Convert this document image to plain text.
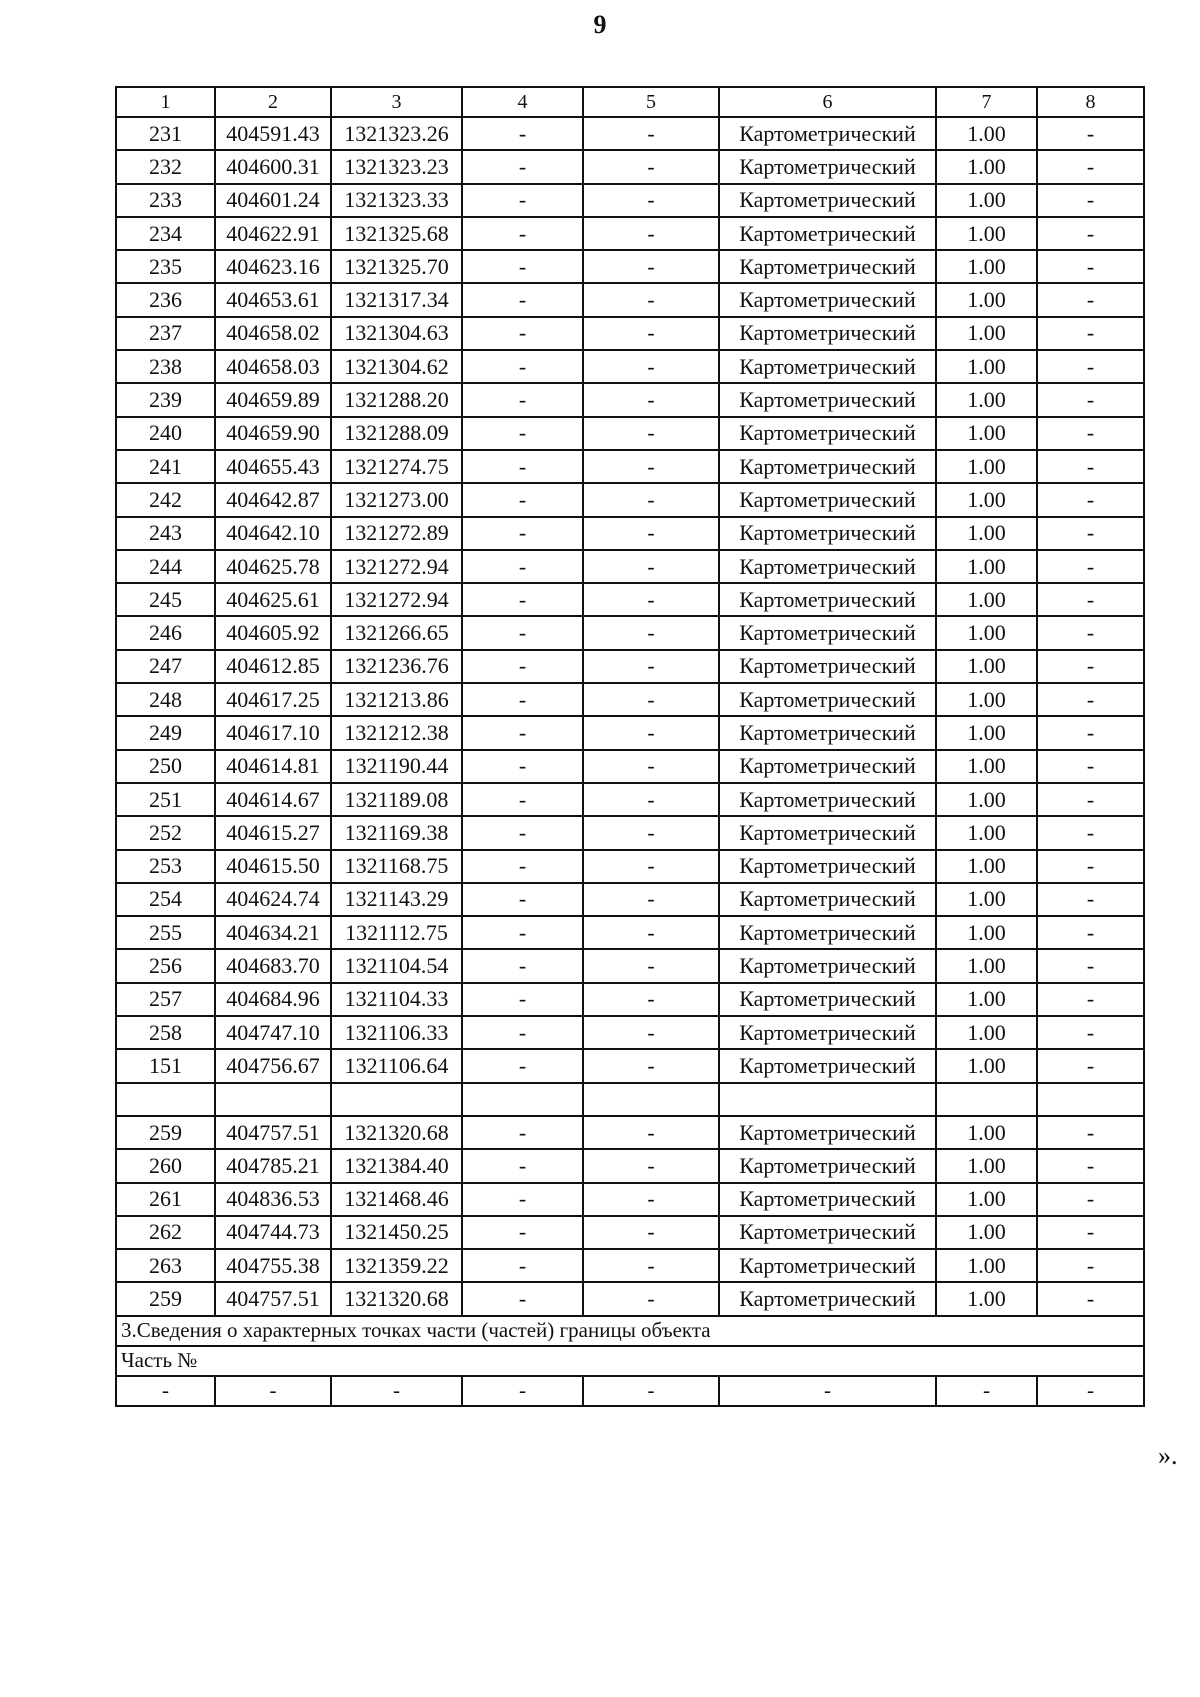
9
1	2	3	4	5	6	7	8
231	404591.43	1321323.26	-	-	Картометрический	1.00	-
232	404600.31	1321323.23	-	-	Картометрический	1.00	-
233	404601.24	1321323.33	-	-	Картометрический	1.00	-
234	404622.91	1321325.68	-	-	Картометрический	1.00	-
235	404623.16	1321325.70	-	-	Картометрический	1.00	-
236	404653.61	1321317.34	-	-	Картометрический	1.00	-
237	404658.02	1321304.63	-	-	Картометрический	1.00	-
238	404658.03	1321304.62	-	-	Картометрический	1.00	-
239	404659.89	1321288.20	-	-	Картометрический	1.00	-
240	404659.90	1321288.09	-	-	Картометрический	1.00	-
241	404655.43	1321274.75	-	-	Картометрический	1.00	-
242	404642.87	1321273.00	-	-	Картометрический	1.00	-
243	404642.10	1321272.89	-	-	Картометрический	1.00	-
244	404625.78	1321272.94	-	-	Картометрический	1.00	-
245	404625.61	1321272.94	-	-	Картометрический	1.00	-
246	404605.92	1321266.65	-	-	Картометрический	1.00	-
247	404612.85	1321236.76	-	-	Картометрический	1.00	-
248	404617.25	1321213.86	-	-	Картометрический	1.00	-
249	404617.10	1321212.38	-	-	Картометрический	1.00	-
250	404614.81	1321190.44	-	-	Картометрический	1.00	-
251	404614.67	1321189.08	-	-	Картометрический	1.00	-
252	404615.27	1321169.38	-	-	Картометрический	1.00	-
253	404615.50	1321168.75	-	-	Картометрический	1.00	-
254	404624.74	1321143.29	-	-	Картометрический	1.00	-
255	404634.21	1321112.75	-	-	Картометрический	1.00	-
256	404683.70	1321104.54	-	-	Картометрический	1.00	-
257	404684.96	1321104.33	-	-	Картометрический	1.00	-
258	404747.10	1321106.33	-	-	Картометрический	1.00	-
151	404756.67	1321106.64	-	-	Картометрический	1.00	-

259	404757.51	1321320.68	-	-	Картометрический	1.00	-
260	404785.21	1321384.40	-	-	Картометрический	1.00	-
261	404836.53	1321468.46	-	-	Картометрический	1.00	-
262	404744.73	1321450.25	-	-	Картометрический	1.00	-
263	404755.38	1321359.22	-	-	Картометрический	1.00	-
259	404757.51	1321320.68	-	-	Картометрический	1.00	-
3.Сведения о характерных точках части (частей) границы объекта							
Часть №							
-	-	-	-	-	-	-	-
».
